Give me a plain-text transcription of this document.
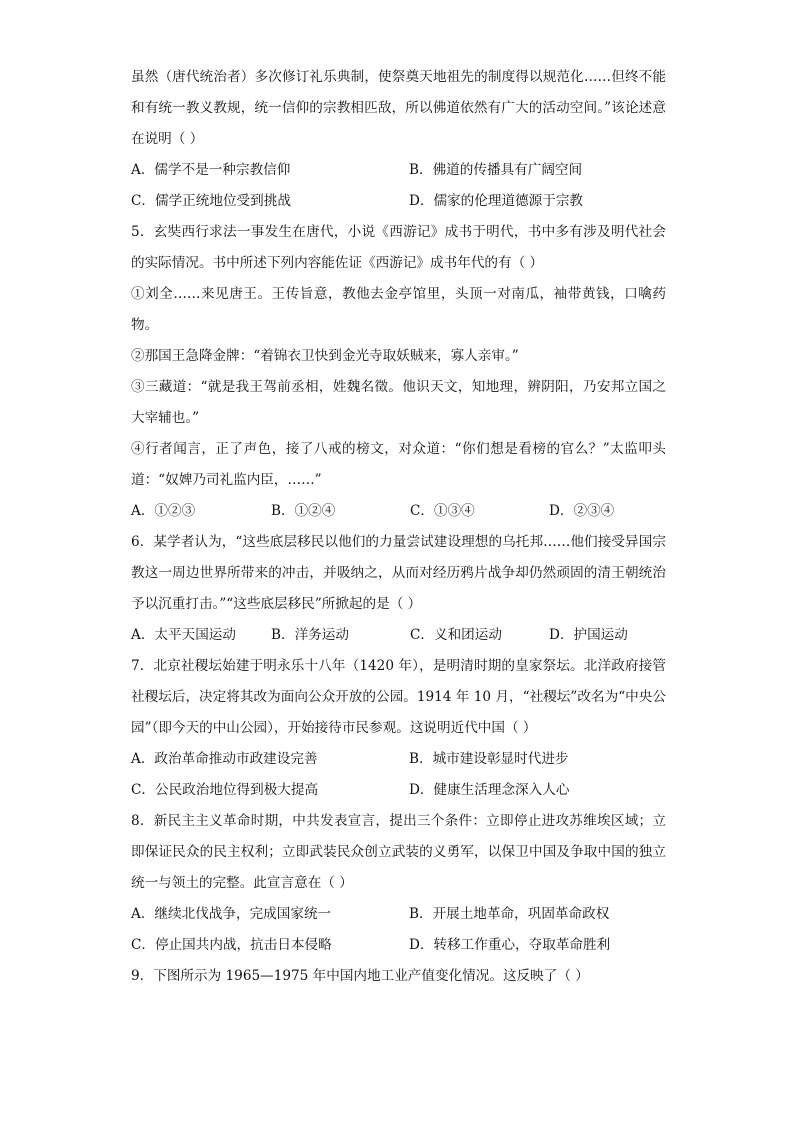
虽然（唐代统治者）多次修订礼乐典制，使祭奠天地祖先的制度得以规范化……但终不能和有统一教义教规，统一信仰的宗教相匹敌，所以佛道依然有广大的活动空间。”该论述意在说明（ ）

A．儒学不是一种宗教信仰	B．佛道的传播具有广阔空间
C．儒学正统地位受到挑战	D．儒家的伦理道德源于宗教

5．玄奘西行求法一事发生在唐代，小说《西游记》成书于明代，书中多有涉及明代社会的实际情况。书中所述下列内容能佐证《西游记》成书年代的有（ ）

①刘全……来见唐王。王传旨意，教他去金亭馆里，头顶一对南瓜，袖带黄钱，口噙药物。

②那国王急降金牌：“着锦衣卫快到金光寺取妖贼来，寡人亲审。”

③三藏道：“就是我王驾前丞相，姓魏名徵。他识天文，知地理，辨阴阳，乃安邦立国之大宰辅也。”

④行者闻言，正了声色，接了八戒的榜文，对众道：“你们想是看榜的官么？”太监叩头道：“奴婢乃司礼监内臣，……”

A．①②③	B．①②④	C．①③④	D．②③④

6．某学者认为，“这些底层移民以他们的力量尝试建设理想的乌托邦……他们接受异国宗教这一周边世界所带来的冲击，并吸纳之，从而对经历鸦片战争却仍然顽固的清王朝统治予以沉重打击。”“这些底层移民”所掀起的是（ ）

A．太平天国运动	B．洋务运动	C．义和团运动	D．护国运动

7．北京社稷坛始建于明永乐十八年（1420 年），是明清时期的皇家祭坛。北洋政府接管社稷坛后，决定将其改为面向公众开放的公园。1914 年 10 月，“社稷坛”改名为“中央公园”（即今天的中山公园），开始接待市民参观。这说明近代中国（ ）

A．政治革命推动市政建设完善	B．城市建设彰显时代进步
C．公民政治地位得到极大提高	D．健康生活理念深入人心

8．新民主主义革命时期，中共发表宣言，提出三个条件：立即停止进攻苏维埃区域；立即保证民众的民主权利；立即武装民众创立武装的义勇军，以保卫中国及争取中国的独立统一与领土的完整。此宣言意在（ ）

A．继续北伐战争，完成国家统一	B．开展土地革命，巩固革命政权
C．停止国共内战，抗击日本侵略	D．转移工作重心，夺取革命胜利

9．下图所示为 1965—1975 年中国内地工业产值变化情况。这反映了（ ）
